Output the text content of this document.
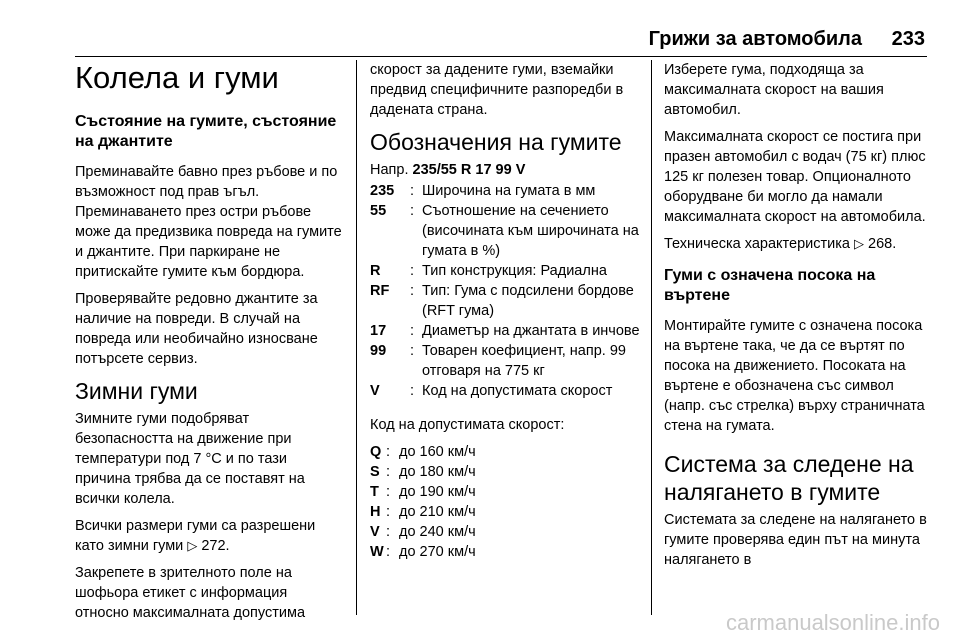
Грижи за автомобила 233
Колела и гуми
Състояние на гумите, състояние на джантите

Преминавайте бавно през ръбове и по възможност под прав ъгъл. Преминаването през остри ръбове може да предизвика повреда на гумите и джантите. При паркиране не притискайте гумите към бордюра.

Проверявайте редовно джантите за наличие на повреди. В случай на повреда или необичайно износване потърсете сервиз.

Зимни гуми

Зимните гуми подобряват безопасността на движение при температури под 7 °C и по тази причина трябва да се поставят на всички колела.

Всички размери гуми са разрешени като зимни гуми ▷ 272.

Закрепете в зрителното поле на шофьора етикет с информация относно максималната допустима

скорост за дадените гуми, вземайки предвид специфичните разпоредби в дадената страна.

Обозначения на гумите

Напр. 235/55 R 17 99 V

235	: Широчина на гумата в мм
55	: Съотношение на сечението (височината към широчината на гумата в %)
R	: Тип конструкция: Радиална
RF	: Тип: Гума с подсилени бордове (RFT гума)
17	: Диаметър на джантата в инчове
99	: Товарен коефициент, напр. 99 отговаря на 775 кг
V	: Код на допустимата скорост

Код на допустимата скорост:

Q : до 160 км/ч
S : до 180 км/ч
T : до 190 км/ч
H : до 210 км/ч
V : до 240 км/ч
W : до 270 км/ч

Изберете гума, подходяща за максималната скорост на вашия автомобил.

Максималната скорост се постига при празен автомобил с водач (75 кг) плюс 125 кг полезен товар. Опционалното оборудване би могло да намали максималната скорост на автомобила.

Техническа характеристика ▷ 268.

Гуми с означена посока на въртене

Монтирайте гумите с означена посока на въртене така, че да се въртят по посока на движението. Посоката на въртене е обозначена със символ (напр. със стрелка) върху страничната стена на гумата.

Система за следене на налягането в гумите

Системата за следене на налягането в гумите проверява един път на минута налягането в

carmanualsonline.info
